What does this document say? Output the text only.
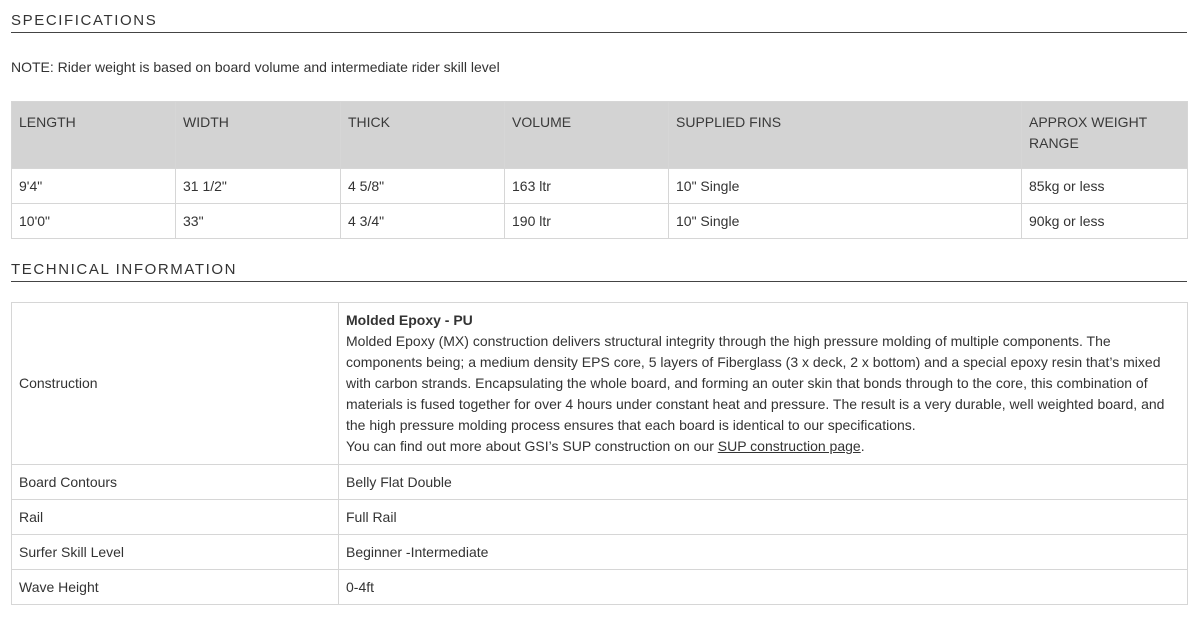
SPECIFICATIONS
NOTE: Rider weight is based on board volume and intermediate rider skill level
LENGTH	WIDTH	THICK	VOLUME	SUPPLIED FINS	APPROX WEIGHT RANGE
9'4"	31 1/2"	4 5/8"	163 ltr	10" Single	85kg or less
10'0"	33"	4 3/4"	190 ltr	10" Single	90kg or less
TECHNICAL INFORMATION
Construction	Molded Epoxy - PU
Molded Epoxy (MX) construction delivers structural integrity through the high pressure molding of multiple components. The components being; a medium density EPS core, 5 layers of Fiberglass (3 x deck, 2 x bottom) and a special epoxy resin that’s mixed with carbon strands. Encapsulating the whole board, and forming an outer skin that bonds through to the core, this combination of materials is fused together for over 4 hours under constant heat and pressure. The result is a very durable, well weighted board, and the high pressure molding process ensures that each board is identical to our specifications.
You can find out more about GSI’s SUP construction on our SUP construction page.

Board Contours	Belly Flat Double
Rail	Full Rail
Surfer Skill Level	Beginner -Intermediate
Wave Height	0-4ft
